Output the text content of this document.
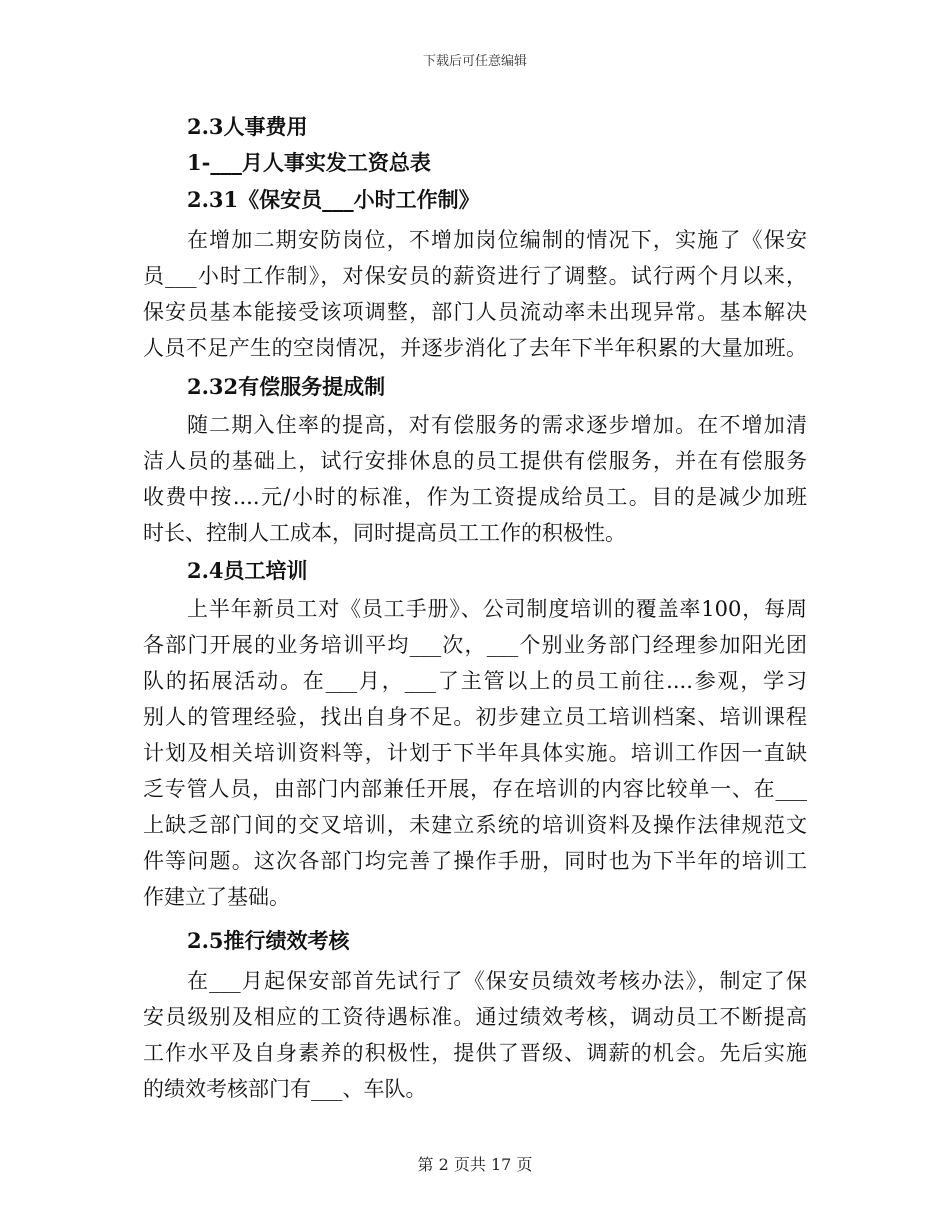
下载后可任意编辑
2.3人事费用
1-___月人事实发工资总表
2.31《保安员___小时工作制》
在增加二期安防岗位，不增加岗位编制的情况下，实施了《保安
员___小时工作制》，对保安员的薪资进行了调整。试行两个月以来，
保安员基本能接受该项调整，部门人员流动率未出现异常。基本解决
人员不足产生的空岗情况，并逐步消化了去年下半年积累的大量加班。
2.32有偿服务提成制
随二期入住率的提高，对有偿服务的需求逐步增加。在不增加清
洁人员的基础上，试行安排休息的员工提供有偿服务，并在有偿服务
收费中按....元/小时的标准，作为工资提成给员工。目的是减少加班
时长、控制人工成本，同时提高员工工作的积极性。
2.4员工培训
上半年新员工对《员工手册》、公司制度培训的覆盖率100，每周
各部门开展的业务培训平均___次，___个别业务部门经理参加阳光团
队的拓展活动。在___月，___了主管以上的员工前往....参观，学习
别人的管理经验，找出自身不足。初步建立员工培训档案、培训课程
计划及相关培训资料等，计划于下半年具体实施。培训工作因一直缺
乏专管人员，由部门内部兼任开展，存在培训的内容比较单一、在___
上缺乏部门间的交叉培训，未建立系统的培训资料及操作法律规范文
件等问题。这次各部门均完善了操作手册，同时也为下半年的培训工
作建立了基础。
2.5推行绩效考核
在___月起保安部首先试行了《保安员绩效考核办法》，制定了保
安员级别及相应的工资待遇标准。通过绩效考核，调动员工不断提高
工作水平及自身素养的积极性，提供了晋级、调薪的机会。先后实施
的绩效考核部门有___、车队。
第 2 页共 17 页
